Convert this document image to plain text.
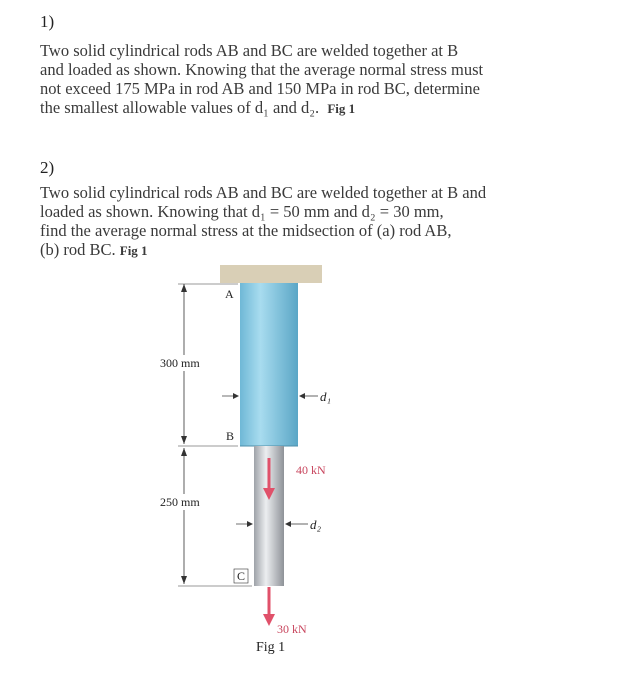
1)
Two solid cylindrical rods AB and BC are welded together at B
and loaded as shown. Knowing that the average normal stress must
not exceed 175 MPa in rod AB and 150 MPa in rod BC, determine
the smallest allowable values of d₁ and d₂. Fig 1
2)
Two solid cylindrical rods AB and BC are welded together at B and
loaded as shown. Knowing that d₁ = 50 mm and d₂ = 30 mm,
find the average normal stress at the midsection of (a) rod AB,
(b) rod BC. Fig 1
300 mm
250 mm
A
B
C
d₁
d₂
40 kN
30 kN
Fig 1
